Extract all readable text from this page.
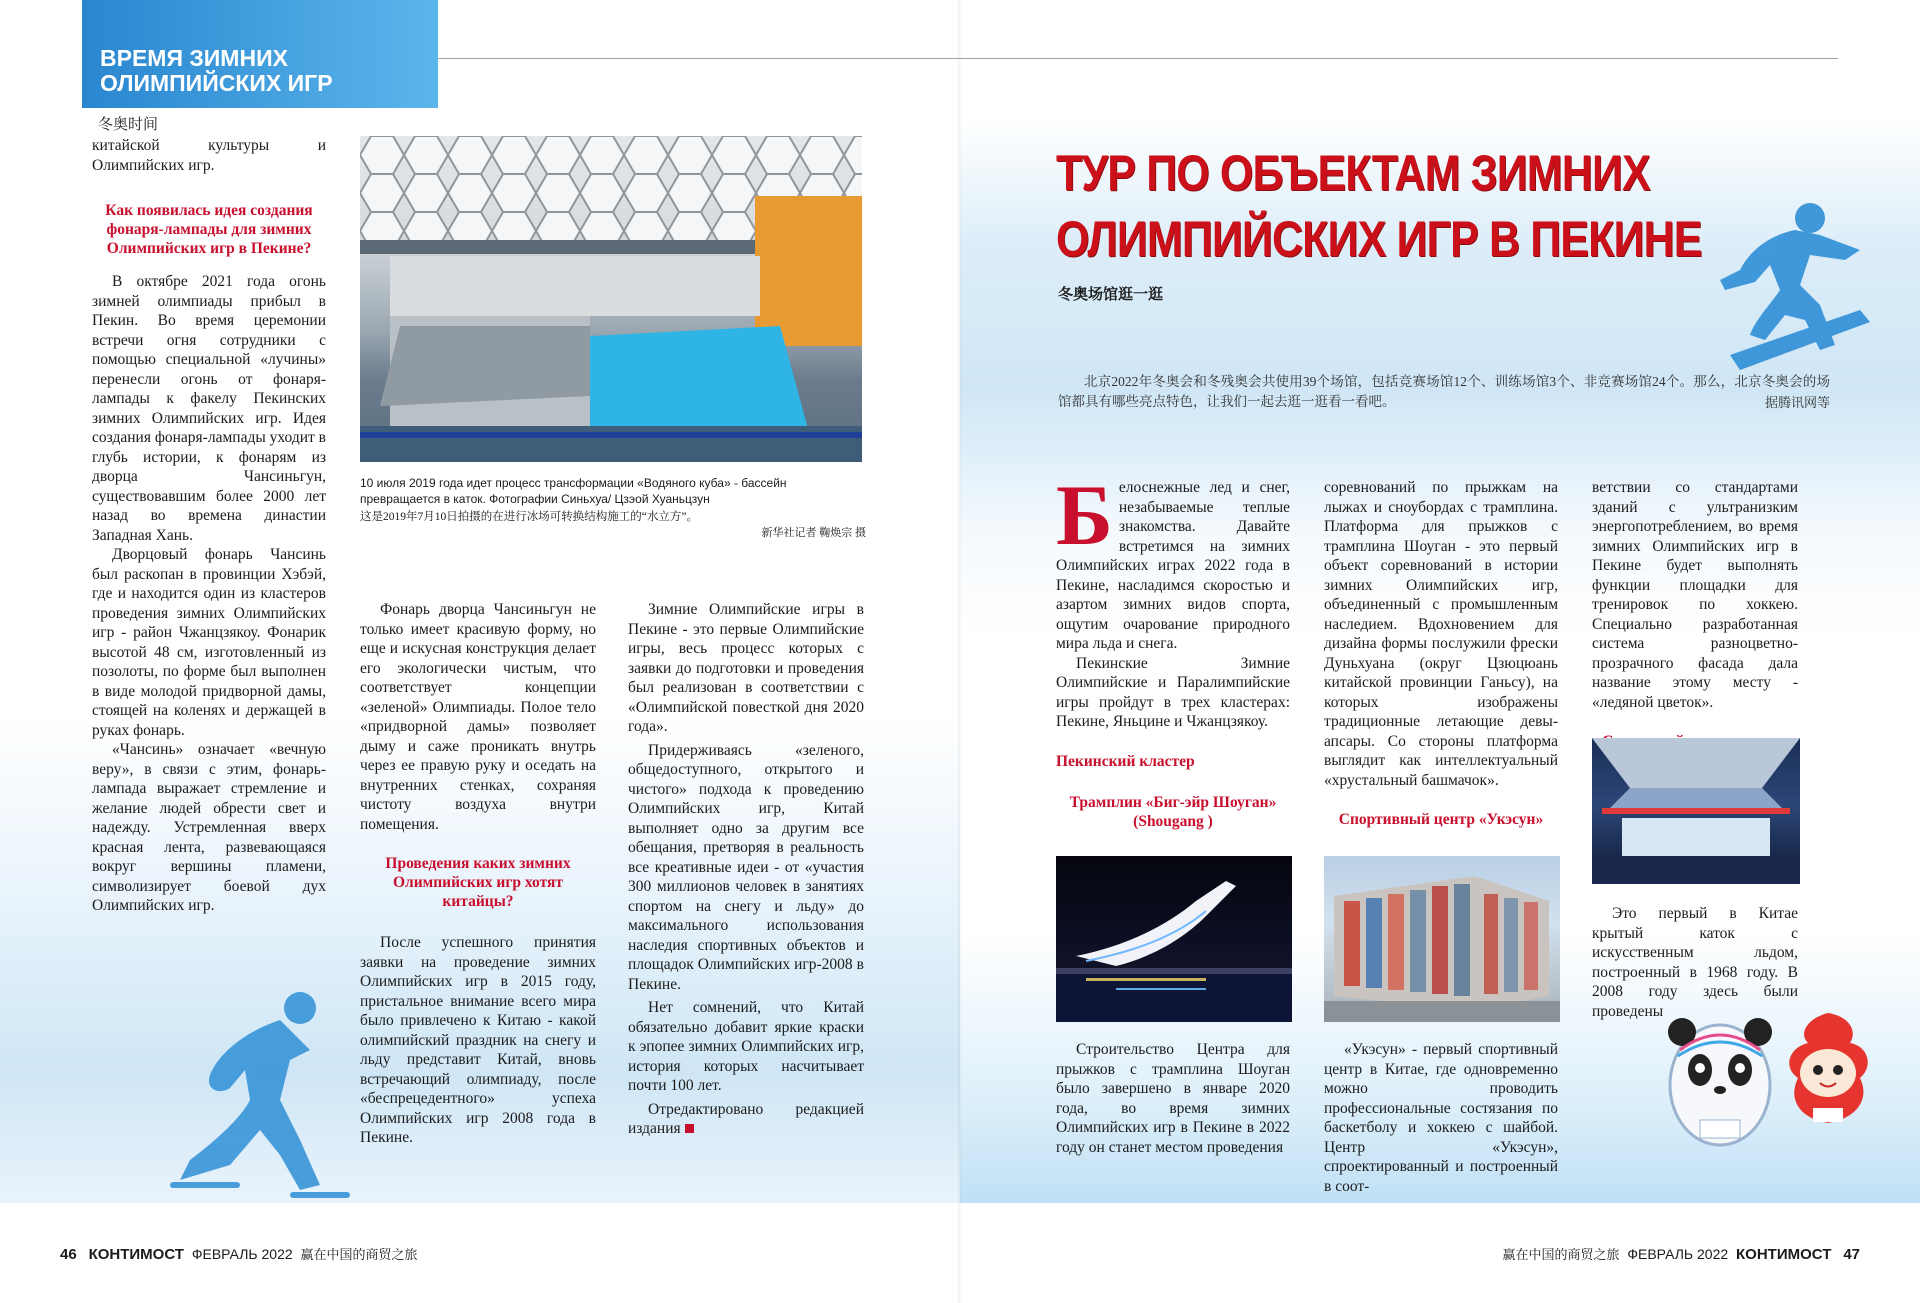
ВРЕМЯ ЗИМНИХ
ОЛИМПИЙСКИХ ИГР
冬奥时间

китайской культуры и Олимпийских игр.

Как появилась идея создания фонаря-лампады для зимних Олимпийских игр в Пекине?

В октябре 2021 года огонь зимней олимпиады прибыл в Пекин. Во время церемонии встречи огня сотрудники с помощью специальной «лучины» перенесли огонь от фонаря-лампады к факелу Пекинских зимних Олимпийских игр. Идея создания фонаря-лампады уходит в глубь истории, к фонарям из дворца Чансиньгун, существовавшим более 2000 лет назад во времена династии Западная Хань.

Дворцовый фонарь Чансинь был раскопан в провинции Хэбэй, где и находится один из кластеров проведения зимних Олимпийских игр - район Чжанцзякоу. Фонарик высотой 48 см, изготовленный из позолоты, по форме был выполнен в виде молодой придворной дамы, стоящей на коленях и держащей в руках фонарь.

«Чансинь» означает «вечную веру», в связи с этим, фонарь-лампада выражает стремление и желание людей обрести свет и надежду. Устремленная вверх красная лента, развевающаяся вокруг вершины пламени, символизирует боевой дух Олимпийских игр.

10 июля 2019 года идет процесс трансформации «Водяного куба» - бассейн превращается в каток. Фотографии Синьхуа/ Цзэой Хуаньцзун
这是2019年7月10日拍摄的在进行冰场可转换结构施工的“水立方”。
新华社记者 鞠焕宗 摄

Фонарь дворца Чансиньгун не только имеет красивую форму, но еще и искусная конструкция делает его экологически чистым, что соответствует концепции «зеленой» Олимпиады. Полое тело «придворной дамы» позволяет дыму и саже проникать внутрь через ее правую руку и оседать на внутренних стенках, сохраняя чистоту воздуха внутри помещения.

Проведения каких зимних Олимпийских игр хотят китайцы?

После успешного принятия заявки на проведение зимних Олимпийских игр в 2015 году, пристальное внимание всего мира было привлечено к Китаю - какой олимпийский праздник на снегу и льду представит Китай, вновь встречающий олимпиаду, после «беспрецедентного» успеха Олимпийских игр 2008 года в Пекине.

Зимние Олимпийские игры в Пекине - это первые Олимпийские игры, весь процесс которых с заявки до подготовки и проведения был реализован в соответствии с «Олимпийской повесткой дня 2020 года».

Придерживаясь «зеленого, общедоступного, открытого и чистого» подхода к проведению Олимпийских игр, Китай выполняет одно за другим все обещания, претворяя в реальность все креативные идеи - от «участия 300 миллионов человек в занятиях спортом на снегу и льду» до максимального использования наследия спортивных объектов и площадок Олимпийских игр-2008 в Пекине.

Нет сомнений, что Китай обязательно добавит яркие краски к эпопее зимних Олимпийских игр, история которых насчитывает почти 100 лет.

Отредактировано редакцией издания

ТУР ПО ОБЪЕКТАМ ЗИМНИХ
ОЛИМПИЙСКИХ ИГР В ПЕКИНЕ
冬奥场馆逛一逛
北京2022年冬奥会和冬残奥会共使用39个场馆，包括竞赛场馆12个、训练场馆3个、非竞赛场馆24个。那么，北京冬奥会的场馆都具有哪些亮点特色，让我们一起去逛一逛看一看吧。	据腾讯网等

Белоснежные лед и снег, незабываемые теплые знакомства. Давайте встретимся на зимних Олимпийских играх 2022 года в Пекине, насладимся скоростью и азартом зимних видов спорта, ощутим очарование природного мира льда и снега.

Пекинские Зимние Олимпийские и Паралимпийские игры пройдут в трех кластерах: Пекине, Яньцине и Чжанцзякоу.

Пекинский кластер
Трамплин «Биг-эйр Шоуган» (Shougang )

Строительство Центра для прыжков с трамплина Шоуган было завершено в январе 2020 года, во время зимних Олимпийских игр в Пекине в 2022 году он станет местом проведения

соревнований по прыжкам на лыжах и сноубордах с трамплина. Платформа для прыжков с трамплина Шоуган - это первый объект соревнований в истории зимних Олимпийских игр, объединенный с промышленным наследием. Вдохновением для дизайна формы послужили фрески Дуньхуана (округ Цзюцюань китайской провинции Ганьсу), на которых изображены традиционные летающие девы-апсары. Со стороны платформа выглядит как интеллектуальный «хрустальный башмачок».

Спортивный центр «Укэсун»

«Укэсун» - первый спортивный центр в Китае, где одновременно можно проводить профессиональные состязания по баскетболу и хоккею с шайбой. Центр «Укэсун», спроектированный и построенный в соот-

ветствии со стандартами зданий с ультранизким энергопотреблением, во время зимних Олимпийских игр в Пекине будет выполнять функции площадки для тренировок по хоккею. Специально разработанная система разноцветно-прозрачного фасада дала название этому месту - «ледяной цветок».

Это первый в Китае крытый каток с искусственным льдом, построенный в 1968 году. В 2008 году здесь были проведены

46 КОНТИМОСТ ФЕВРАЛЬ 2022 赢在中国的商贸之旅	赢在中国的商贸之旅 ФЕВРАЛЬ 2022 КОНТИМОСТ 47
